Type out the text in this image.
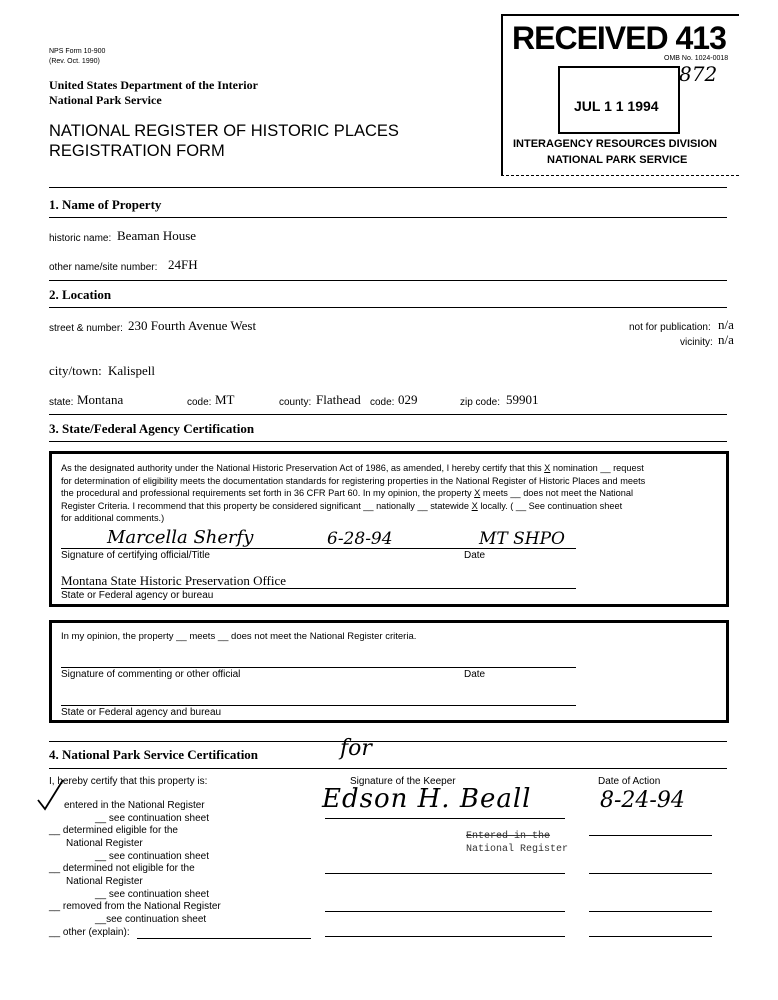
NPS Form 10-900
(Rev. Oct. 1990)
United States Department of the Interior
National Park Service
NATIONAL REGISTER OF HISTORIC PLACES
REGISTRATION FORM
RECEIVED 413
OMB No. 1024-0018
JUL 1 1 1994
872
INTERAGENCY RESOURCES DIVISION
NATIONAL PARK SERVICE
1. Name of Property
historic name: Beaman House
other name/site number: 24FH
2. Location
street & number: 230 Fourth Avenue West	not for publication: n/a
vicinity: n/a
city/town: Kalispell
state: Montana	code: MT	county: Flathead code: 029	zip code: 59901
3. State/Federal Agency Certification
As the designated authority under the National Historic Preservation Act of 1986, as amended, I hereby certify that this X nomination __ request
for determination of eligibility meets the documentation standards for registering properties in the National Register of Historic Places and meets
the procedural and professional requirements set forth in 36 CFR Part 60. In my opinion, the property X meets __ does not meet the National
Register Criteria. I recommend that this property be considered significant __ nationally __ statewide X locally. ( __ See continuation sheet
for additional comments.)
Marcella Sherfy	6-28-94	MT SHPO
Signature of certifying official/Title	Date
Montana State Historic Preservation Office
State or Federal agency or bureau
In my opinion, the property __ meets __ does not meet the National Register criteria.
Signature of commenting or other official	Date
State or Federal agency and bureau
4. National Park Service Certification	for
I, hereby certify that this property is:	Signature of the Keeper	Date of Action
Edson H. Beall	8-24-94
entered in the National Register
__ see continuation sheet
__ determined eligible for the
National Register
__ see continuation sheet
__ determined not eligible for the
National Register
__ see continuation sheet
__ removed from the National Register
__see continuation sheet
__ other (explain):
Entered in the
National Register
